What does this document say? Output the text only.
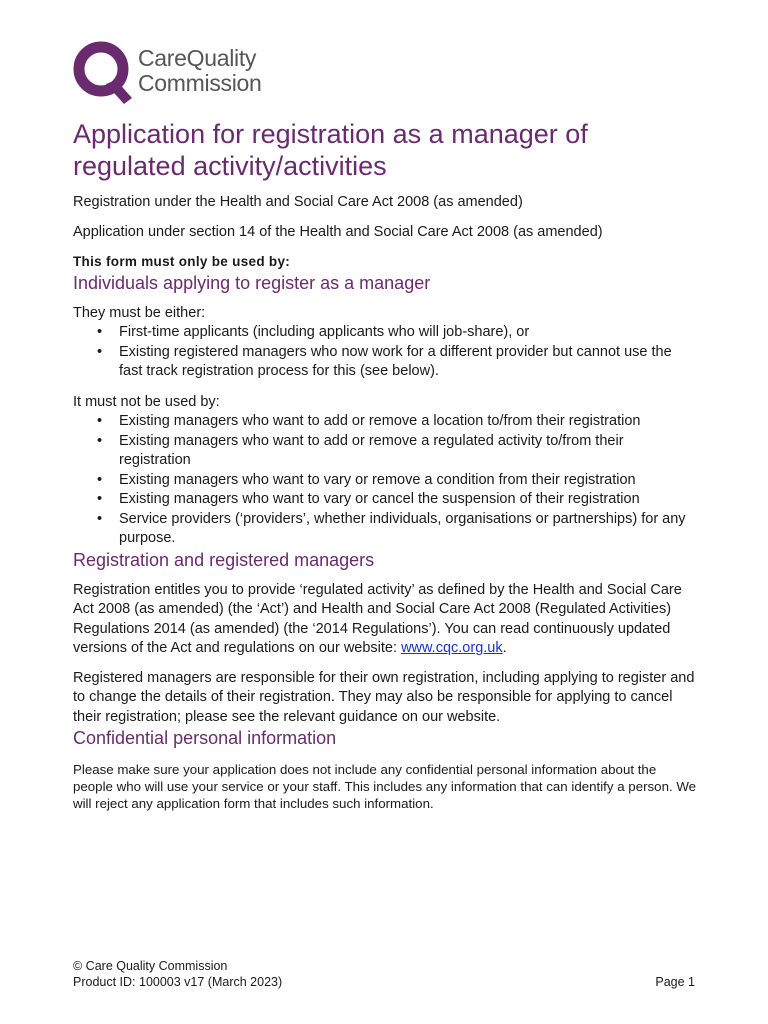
CareQuality
Commission
Application for registration as a manager of regulated activity/activities

Registration under the Health and Social Care Act 2008 (as amended)

Application under section 14 of the Health and Social Care Act 2008 (as amended)

This form must only be used by:

Individuals applying to register as a manager

They must be either:

• First-time applicants (including applicants who will job-share), or
• Existing registered managers who now work for a different provider but cannot use the fast track registration process for this (see below).

It must not be used by:

• Existing managers who want to add or remove a location to/from their registration
• Existing managers who want to add or remove a regulated activity to/from their registration
• Existing managers who want to vary or remove a condition from their registration
• Existing managers who want to vary or cancel the suspension of their registration
• Service providers (‘providers’, whether individuals, organisations or partnerships) for any purpose.
Registration and registered managers

Registration entitles you to provide ‘regulated activity’ as defined by the Health and Social Care Act 2008 (as amended) (the ‘Act’) and Health and Social Care Act 2008 (Regulated Activities) Regulations 2014 (as amended) (the ‘2014 Regulations’). You can read continuously updated versions of the Act and regulations on our website: www.cqc.org.uk.

Registered managers are responsible for their own registration, including applying to register and to change the details of their registration. They may also be responsible for applying to cancel their registration; please see the relevant guidance on our website.

Confidential personal information

Please make sure your application does not include any confidential personal information about the people who will use your service or your staff. This includes any information that can identify a person. We will reject any application form that includes such information.

© Care Quality Commission
Product ID: 100003 v17 (March 2023)	Page 1
